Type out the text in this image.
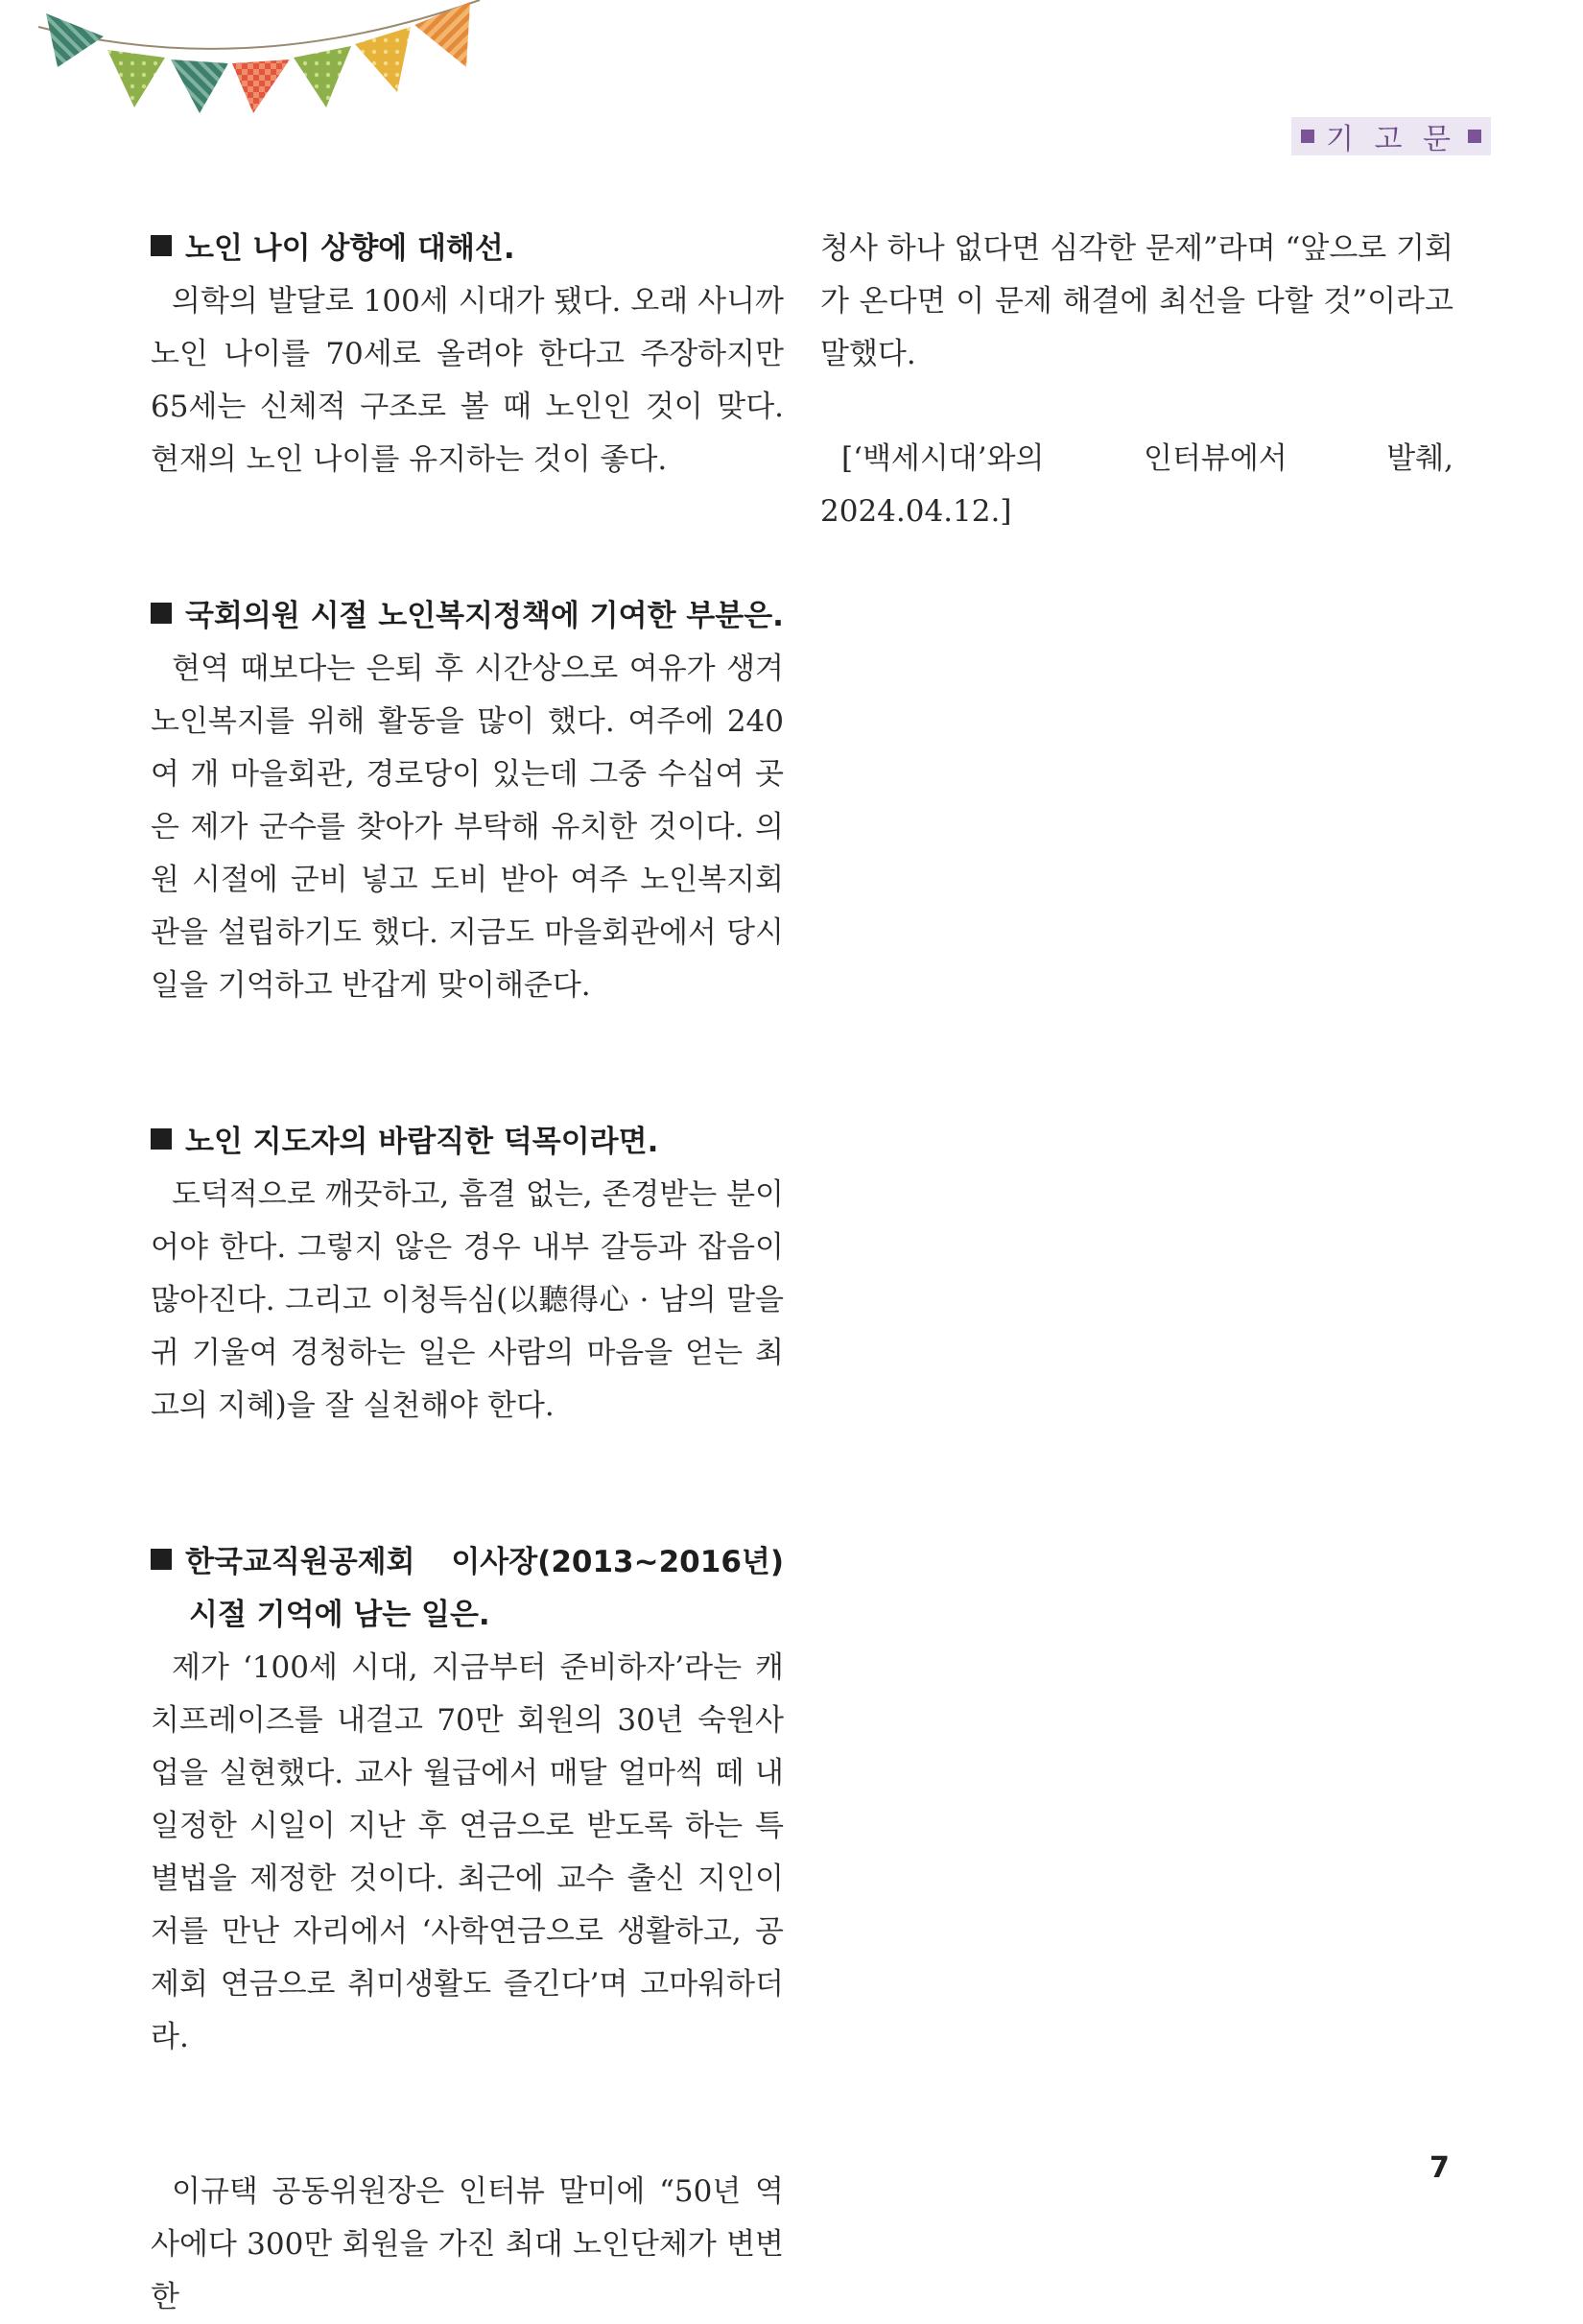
기 고 문
노인 나이 상향에 대해선.

의학의 발달로 100세 시대가 됐다. 오래 사니까 노인 나이를 70세로 올려야 한다고 주장하지만 65세는 신체적 구조로 볼 때 노인인 것이 맞다. 현재의 노인 나이를 유지하는 것이 좋다.

국회의원 시절 노인복지정책에 기여한 부분은.

현역 때보다는 은퇴 후 시간상으로 여유가 생겨 노인복지를 위해 활동을 많이 했다. 여주에 240여 개 마을회관, 경로당이 있는데 그중 수십여 곳은 제가 군수를 찾아가 부탁해 유치한 것이다. 의원 시절에 군비 넣고 도비 받아 여주 노인복지회관을 설립하기도 했다. 지금도 마을회관에서 당시 일을 기억하고 반갑게 맞이해준다.

노인 지도자의 바람직한 덕목이라면.

도덕적으로 깨끗하고, 흠결 없는, 존경받는 분이어야 한다. 그렇지 않은 경우 내부 갈등과 잡음이 많아진다. 그리고 이청득심(以聽得心 · 남의 말을 귀 기울여 경청하는 일은 사람의 마음을 얻는 최고의 지혜)을 잘 실천해야 한다.

한국교직원공제회 이사장(2013~2016년) 시절 기억에 남는 일은.

제가 ‘100세 시대, 지금부터 준비하자’라는 캐치프레이즈를 내걸고 70만 회원의 30년 숙원사업을 실현했다. 교사 월급에서 매달 얼마씩 떼 내 일정한 시일이 지난 후 연금으로 받도록 하는 특별법을 제정한 것이다. 최근에 교수 출신 지인이 저를 만난 자리에서 ‘사학연금으로 생활하고, 공제회 연금으로 취미생활도 즐긴다’며 고마워하더라.

이규택 공동위원장은 인터뷰 말미에 “50년 역사에다 300만 회원을 가진 최대 노인단체가 변변한

청사 하나 없다면 심각한 문제”라며 “앞으로 기회가 온다면 이 문제 해결에 최선을 다할 것”이라고 말했다.

[‘백세시대’와의 인터뷰에서 발췌, 2024.04.12.]

7
